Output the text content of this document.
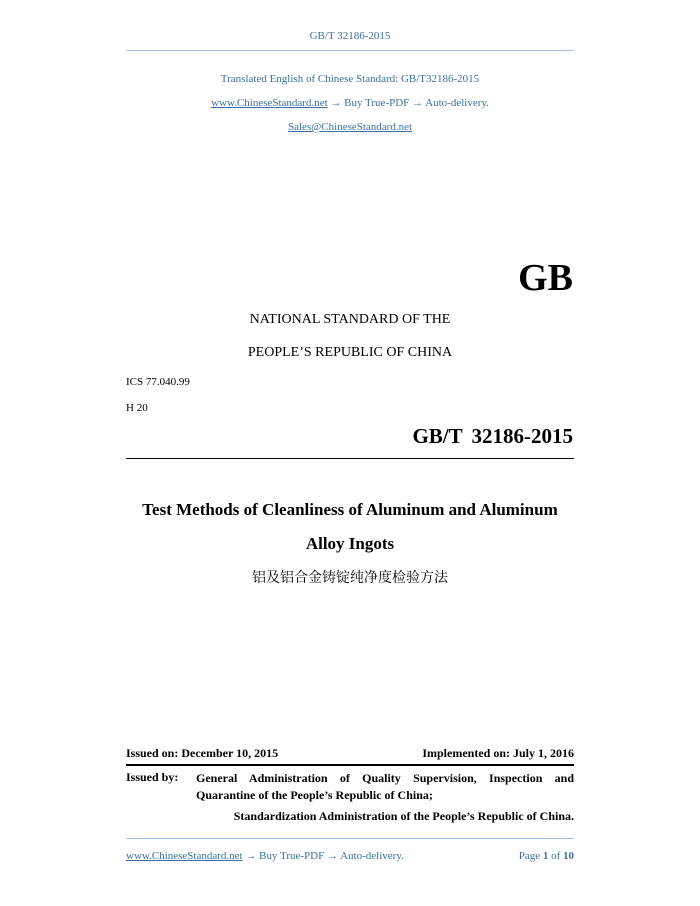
GB/T 32186-2015
Translated English of Chinese Standard: GB/T32186-2015
www.ChineseStandard.net → Buy True-PDF → Auto-delivery.
Sales@ChineseStandard.net
GB
NATIONAL STANDARD OF THE
PEOPLE’S REPUBLIC OF CHINA
ICS 77.040.99
H 20
GB/T 32186-2015
Test Methods of Cleanliness of Aluminum and Aluminum
Alloy Ingots
铝及铝合金铸锭纯净度检验方法
Issued on: December 10, 2015	Implemented on: July 1, 2016
Issued by: General Administration of Quality Supervision, Inspection and Quarantine of the People’s Republic of China;
Standardization Administration of the People’s Republic of China.
www.ChineseStandard.net → Buy True-PDF → Auto-delivery.	Page 1 of 10
